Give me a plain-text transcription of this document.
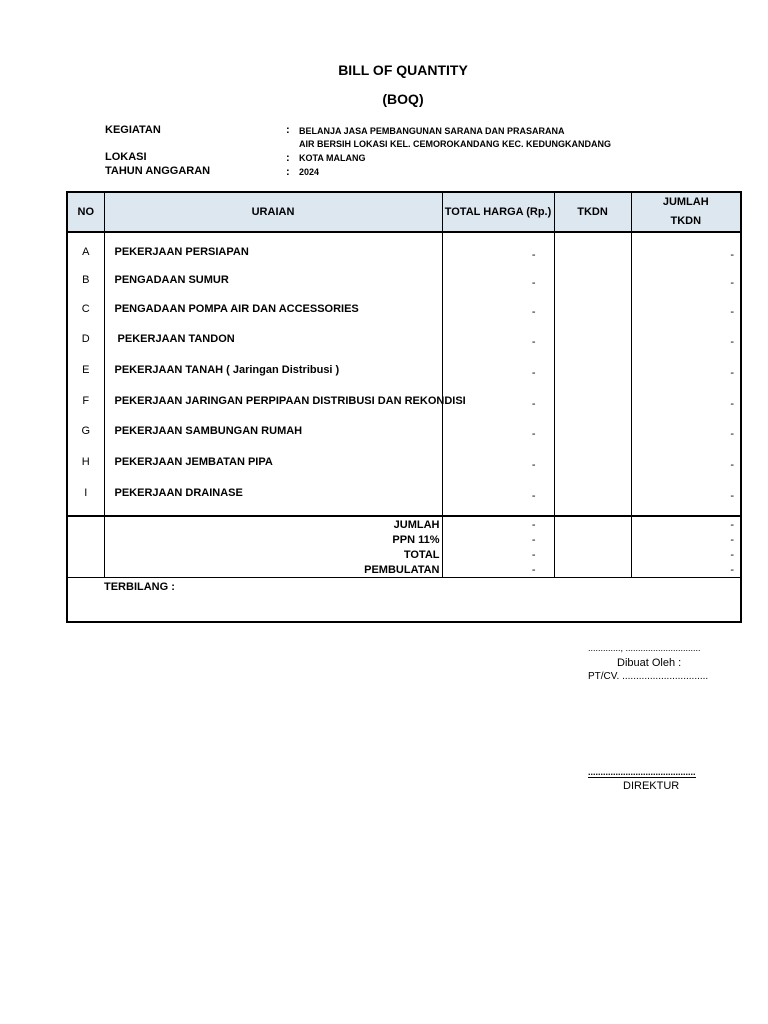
BILL OF QUANTITY
(BOQ)
KEGIATAN	: BELANJA JASA PEMBANGUNAN SARANA DAN PRASARANA
AIR BERSIH LOKASI KEL. CEMOROKANDANG KEC. KEDUNGKANDANG
LOKASI	: KOTA MALANG
TAHUN ANGGARAN	: 2024
NO	URAIAN	TOTAL HARGA (Rp.)	TKDN	JUMLAH
TKDN

A	PEKERJAAN PERSIAPAN	-		-
B	PENGADAAN SUMUR	-		-
C	PENGADAAN POMPA AIR DAN ACCESSORIES	-		-
D	PEKERJAAN TANDON	-		-
E	PEKERJAAN TANAH ( Jaringan Distribusi )	-		-
F	PEKERJAAN JARINGAN PERPIPAAN DISTRIBUSI DAN REKONDISI	-		-
G	PEKERJAAN SAMBUNGAN RUMAH	-		-
H	PEKERJAAN JEMBATAN PIPA	-		-
I	PEKERJAAN DRAINASE	-		-

	JUMLAH	-		-
	PPN 11%	-		-
	TOTAL	-		-
	PEMBULATAN	-		-
	TERBILANG :			
............., ..............................
Dibuat Oleh :
PT/CV. ...............................
...........................................
DIREKTUR
